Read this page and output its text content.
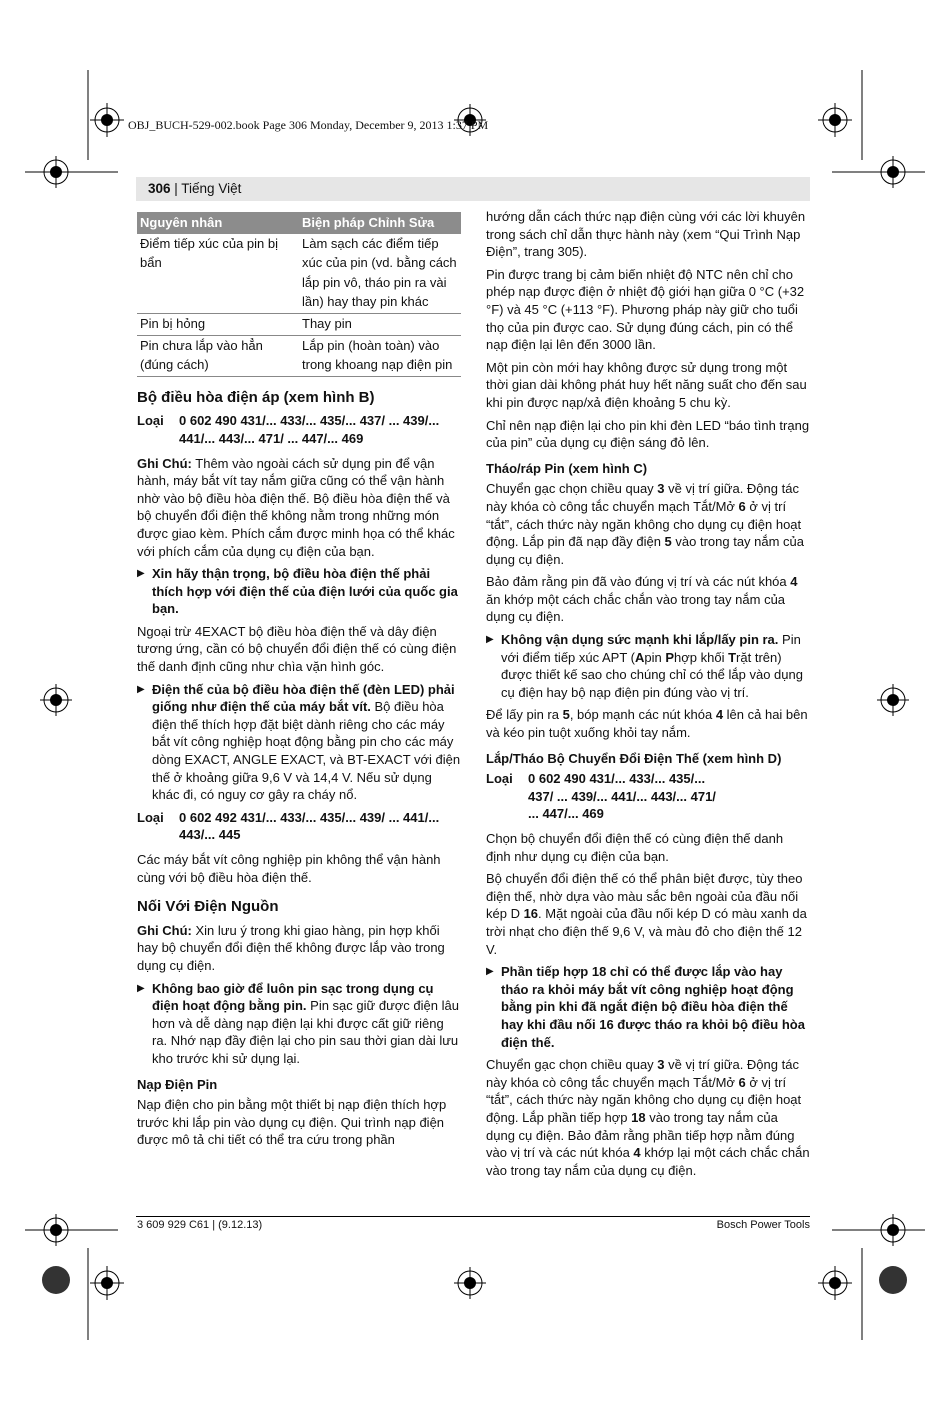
OBJ_BUCH-529-002.book Page 306 Monday, December 9, 2013 1:37 PM
306 | Tiếng Việt
Nguyên nhân	Biện pháp Chỉnh Sửa
Điểm tiếp xúc của pin bị bẩn	Làm sạch các điểm tiếp xúc của pin (vd. bằng cách lắp pin vô, tháo pin ra vài lần) hay thay pin khác
Pin bị hỏng	Thay pin
Pin chưa lắp vào hẳn (đúng cách)	Lắp pin (hoàn toàn) vào trong khoang nạp điện pin
Bộ điều hòa điện áp (xem hình B)
Loại	0 602 490 431/... 433/... 435/... 437/ ... 439/... 441/... 443/... 471/ ... 447/... 469

Ghi Chú: Thêm vào ngoài cách sử dụng pin để vận hành, máy bắt vít tay nắm giữa cũng có thể vận hành nhờ vào bộ điều hòa điện thế. Bộ điều hòa điện thế và bộ chuyển đổi điện thế không nằm trong những món được giao kèm. Phích cắm được minh họa có thể khác với phích cắm của dụng cụ điện của bạn.

▶ Xin hãy thận trọng, bộ điều hòa điện thế phải thích hợp với điện thế của điện lưới của quốc gia bạn.

Ngoại trừ 4EXACT bộ điều hòa điện thế và dây điện tương ứng, cần có bộ chuyển đổi điện thế có cùng điện thế danh định cũng như chìa vặn hình góc.

▶ Điện thế của bộ điều hòa điện thế (đèn LED) phải giống như điện thế của máy bắt vít. Bộ điều hòa điện thế thích hợp đặt biệt dành riêng cho các máy bắt vít công nghiệp hoạt động bằng pin cho các máy dòng EXACT, ANGLE EXACT, và BT-EXACT với điện thế ở khoảng giữa 9,6 V và 14,4 V. Nếu sử dụng khác đi, có nguy cơ gây ra cháy nổ.
Loại	0 602 492 431/... 433/... 435/... 439/ ... 441/... 443/... 445

Các máy bắt vít công nghiệp pin không thể vận hành cùng với bộ điều hòa điện thế.

Nối Với Điện Nguồn

Ghi Chú: Xin lưu ý trong khi giao hàng, pin hợp khối hay bộ chuyển đổi điện thế không được lắp vào trong dụng cụ điện.

▶ Không bao giờ để luôn pin sạc trong dụng cụ điện hoạt động bằng pin. Pin sạc giữ được điện lâu hơn và dễ dàng nạp điện lại khi được cất giữ riêng ra. Nhớ nạp đầy điện lại cho pin sau thời gian dài lưu kho trước khi sử dụng lại.
Nạp Điện Pin

Nạp điện cho pin bằng một thiết bị nạp điện thích hợp trước khi lắp pin vào dụng cụ điện. Qui trình nạp điện được mô tả chi tiết có thể tra cứu trong phần

hướng dẫn cách thức nạp điện cùng với các lời khuyên trong sách chỉ dẫn thực hành này (xem “Qui Trình Nạp Điện”, trang 305).

Pin được trang bị cảm biến nhiệt độ NTC nên chỉ cho phép nạp được điện ở nhiệt độ giới hạn giữa 0 °C (+32 °F) và 45 °C (+113 °F). Phương pháp này giữ cho tuổi thọ của pin được cao. Sử dụng đúng cách, pin có thể nạp điện lại lên đến 3000 lần.

Một pin còn mới hay không được sử dụng trong một thời gian dài không phát huy hết năng suất cho đến sau khi pin được nạp/xả điện khoảng 5 chu kỳ.

Chỉ nên nạp điện lại cho pin khi đèn LED “báo tình trạng của pin” của dụng cụ điện sáng đỏ lên.

Tháo/ráp Pin (xem hình C)

Chuyển gạc chọn chiều quay 3 về vị trí giữa. Động tác này khóa cò công tắc chuyển mạch Tắt/Mở 6 ở vị trí “tắt”, cách thức này ngăn không cho dụng cụ điện hoạt động. Lắp pin đã nạp đầy điện 5 vào trong tay nắm của dụng cụ điện.

Bảo đảm rằng pin đã vào đúng vị trí và các nút khóa 4 ăn khớp một cách chắc chắn vào trong tay nắm của dụng cụ điện.

▶ Không vận dụng sức mạnh khi lắp/lấy pin ra. Pin với điểm tiếp xúc APT (Apin Phợp khối Trặt trên) được thiết kế sao cho chúng chỉ có thể lắp vào dụng cụ điện hay bộ nạp điện pin đúng vào vị trí.

Để lấy pin ra 5, bóp mạnh các nút khóa 4 lên cả hai bên và kéo pin tuột xuống khỏi tay nắm.

Lắp/Tháo Bộ Chuyển Đổi Điện Thế (xem hình D)
Loại	0 602 490 431/... 433/... 435/... 437/ ... 439/... 441/... 443/... 471/ ... 447/... 469

Chọn bộ chuyển đổi điện thế có cùng điện thế danh định như dụng cụ điện của bạn.

Bộ chuyển đổi điện thế có thể phân biệt được, tùy theo điện thế, nhờ dựa vào màu sắc bên ngoài của đầu nối kép D 16. Mặt ngoài của đầu nối kép D có màu xanh da trời nhạt cho điện thế 9,6 V, và màu đỏ cho điện thế 12 V.

▶ Phần tiếp hợp 18 chỉ có thể được lắp vào hay tháo ra khỏi máy bắt vít công nghiệp hoạt động bằng pin khi đã ngắt điện bộ điều hòa điện thế hay khi đầu nối 16 được tháo ra khỏi bộ điều hòa điện thế.

Chuyển gạc chọn chiều quay 3 về vị trí giữa. Động tác này khóa cò công tắc chuyển mạch Tắt/Mở 6 ở vị trí “tắt”, cách thức này ngăn không cho dụng cụ điện hoạt động. Lắp phần tiếp hợp 18 vào trong tay nắm của dụng cụ điện. Bảo đảm rằng phần tiếp hợp nằm đúng vào vị trí và các nút khóa 4 khớp lại một cách chắc chắn vào trong tay nắm của dụng cụ điện.

3 609 929 C61 | (9.12.13)	Bosch Power Tools
